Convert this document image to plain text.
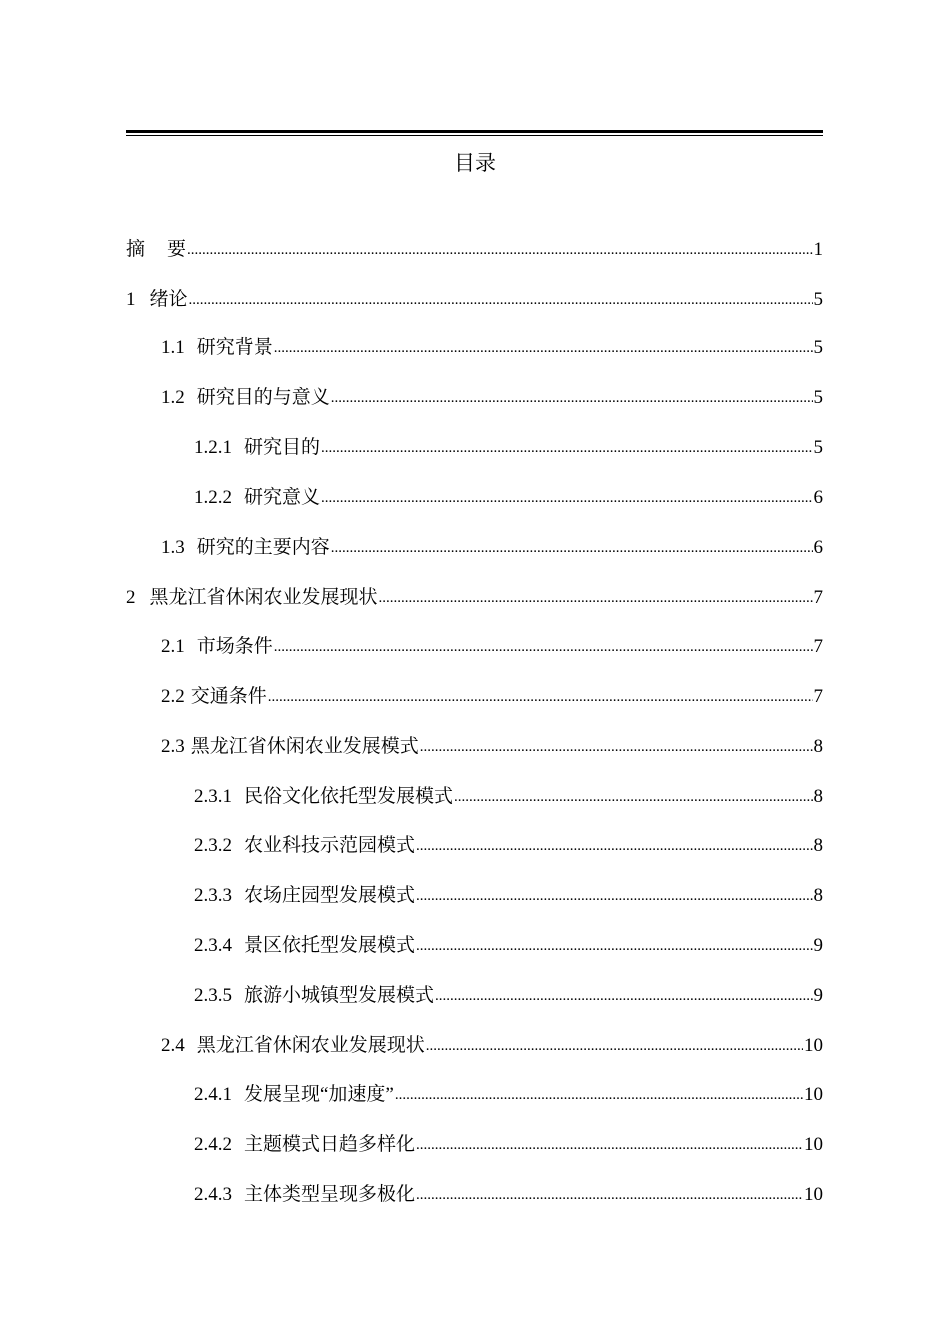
目录
摘 要 .....	1
1 绪论 .....	5
1.1 研究背景 .....	5
1.2 研究目的与意义 .....	5
1.2.1 研究目的 .....	5
1.2.2 研究意义 .....	6
1.3 研究的主要内容 .....	6
2 黑龙江省休闲农业发展现状 .....	7
2.1 市场条件 .....	7
2.2 交通条件 .....	7
2.3 黑龙江省休闲农业发展模式 .....	8
2.3.1 民俗文化依托型发展模式 .....	8
2.3.2 农业科技示范园模式 .....	8
2.3.3 农场庄园型发展模式 .....	8
2.3.4 景区依托型发展模式 .....	9
2.3.5 旅游小城镇型发展模式 .....	9
2.4 黑龙江省休闲农业发展现状 .....	10
2.4.1 发展呈现“加速度” .....	10
2.4.2 主题模式日趋多样化 .....	10
2.4.3 主体类型呈现多极化 .....	10
